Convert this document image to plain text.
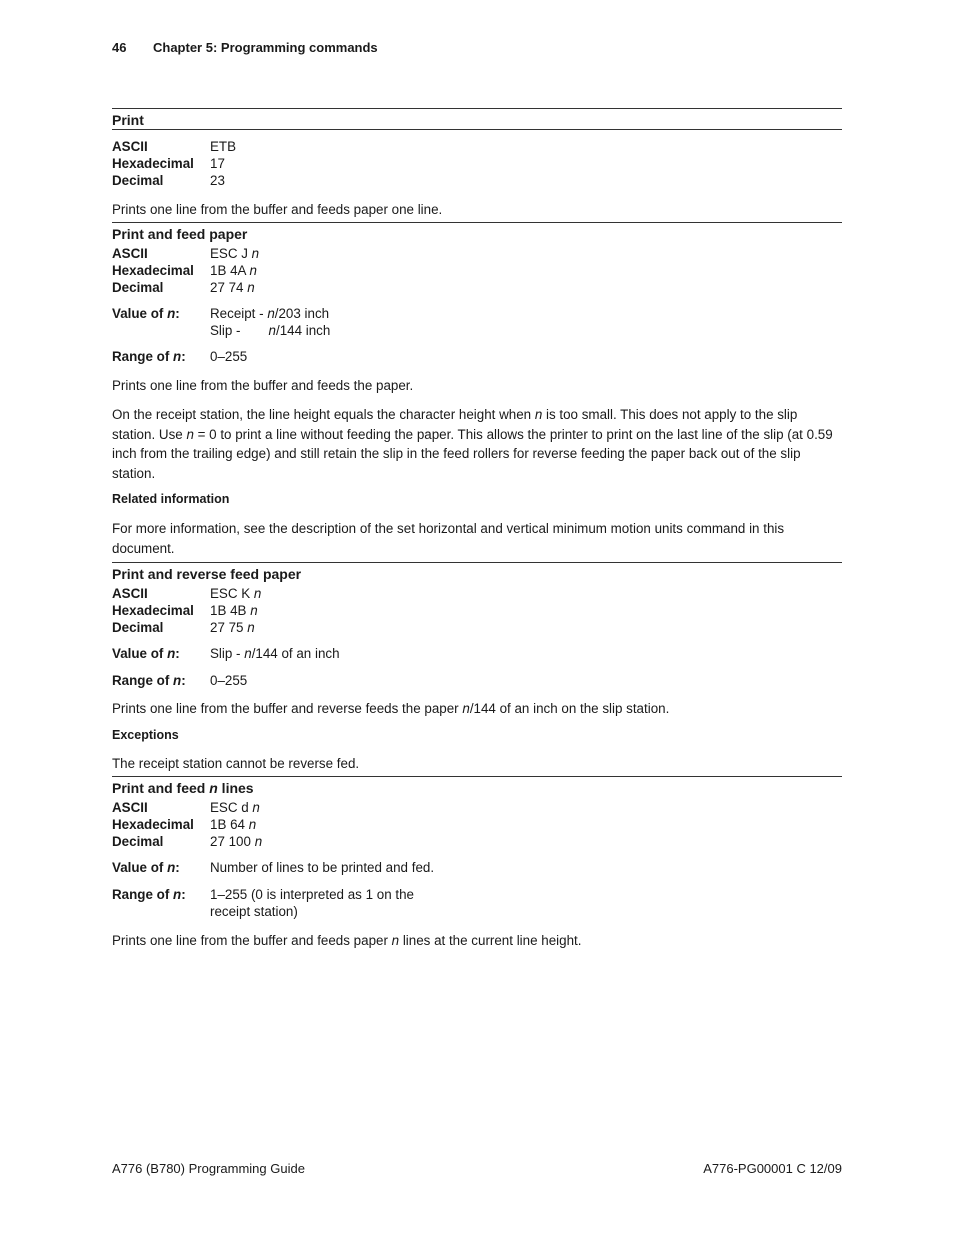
46 Chapter 5: Programming commands
Print
ASCII	ETB
Hexadecimal	17
Decimal	23

Prints one line from the buffer and feeds paper one line.

Print and feed paper
ASCII	ESC J n
Hexadecimal	1B 4A n
Decimal	27 74 n
Value of n:	Receipt - n/203 inch
Slip - n/144 inch
Range of n:	0–255

Prints one line from the buffer and feeds the paper.

On the receipt station, the line height equals the character height when n is too small. This does not apply to the slip station. Use n = 0 to print a line without feeding the paper. This allows the printer to print on the last line of the slip (at 0.59 inch from the trailing edge) and still retain the slip in the feed rollers for reverse feeding the paper back out of the slip station.

Related information

For more information, see the description of the set horizontal and vertical minimum motion units command in this document.

Print and reverse feed paper
ASCII	ESC K n
Hexadecimal	1B 4B n
Decimal	27 75 n
Value of n:	Slip - n/144 of an inch
Range of n:	0–255

Prints one line from the buffer and reverse feeds the paper n/144 of an inch on the slip station.

Exceptions

The receipt station cannot be reverse fed.

Print and feed n lines
ASCII	ESC d n
Hexadecimal	1B 64 n
Decimal	27 100 n
Value of n:	Number of lines to be printed and fed.
Range of n:	1–255 (0 is interpreted as 1 on the
receipt station)

Prints one line from the buffer and feeds paper n lines at the current line height.

A776 (B780) Programming Guide	A776-PG00001 C 12/09
